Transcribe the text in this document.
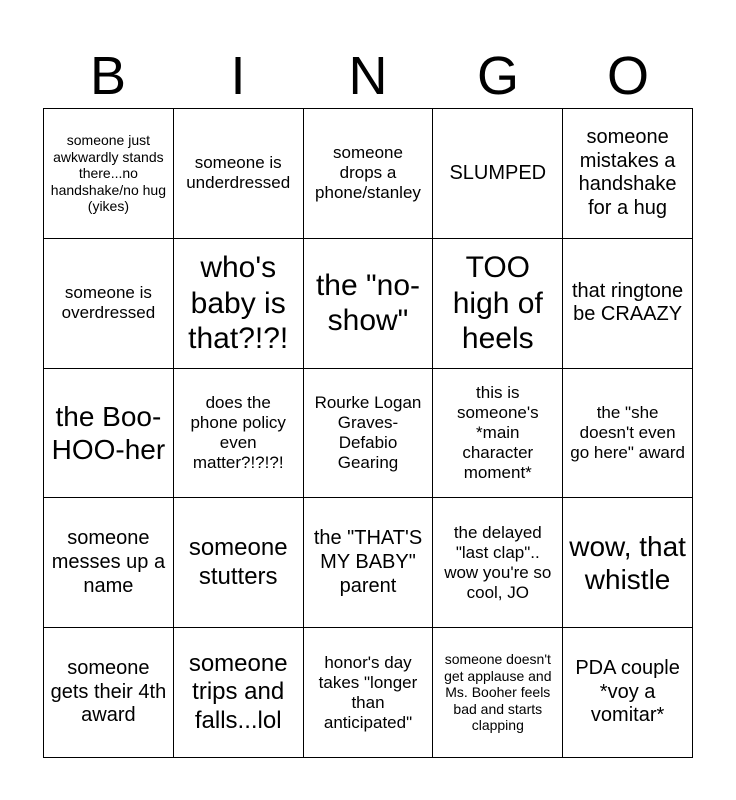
B	I	N	G	O
someone just awkwardly stands there...no handshake/no hug (yikes)
someone is underdressed
someone drops a phone/stanley
SLUMPED
someone mistakes a handshake for a hug
someone is overdressed
who's baby is that?!?!
the "no-show"
TOO high of heels
that ringtone be CRAAZY
the Boo-HOO-her
does the phone policy even matter?!?!?!
Rourke Logan Graves-Defabio Gearing
this is someone's *main character moment*
the "she doesn't even go here" award
someone messes up a name
someone stutters
the "THAT'S MY BABY" parent
the delayed "last clap".. wow you're so cool, JO
wow, that whistle
someone gets their 4th award
someone trips and falls...lol
honor's day takes "longer than anticipated"
someone doesn't get applause and Ms. Booher feels bad and starts clapping
PDA couple *voy a vomitar*
